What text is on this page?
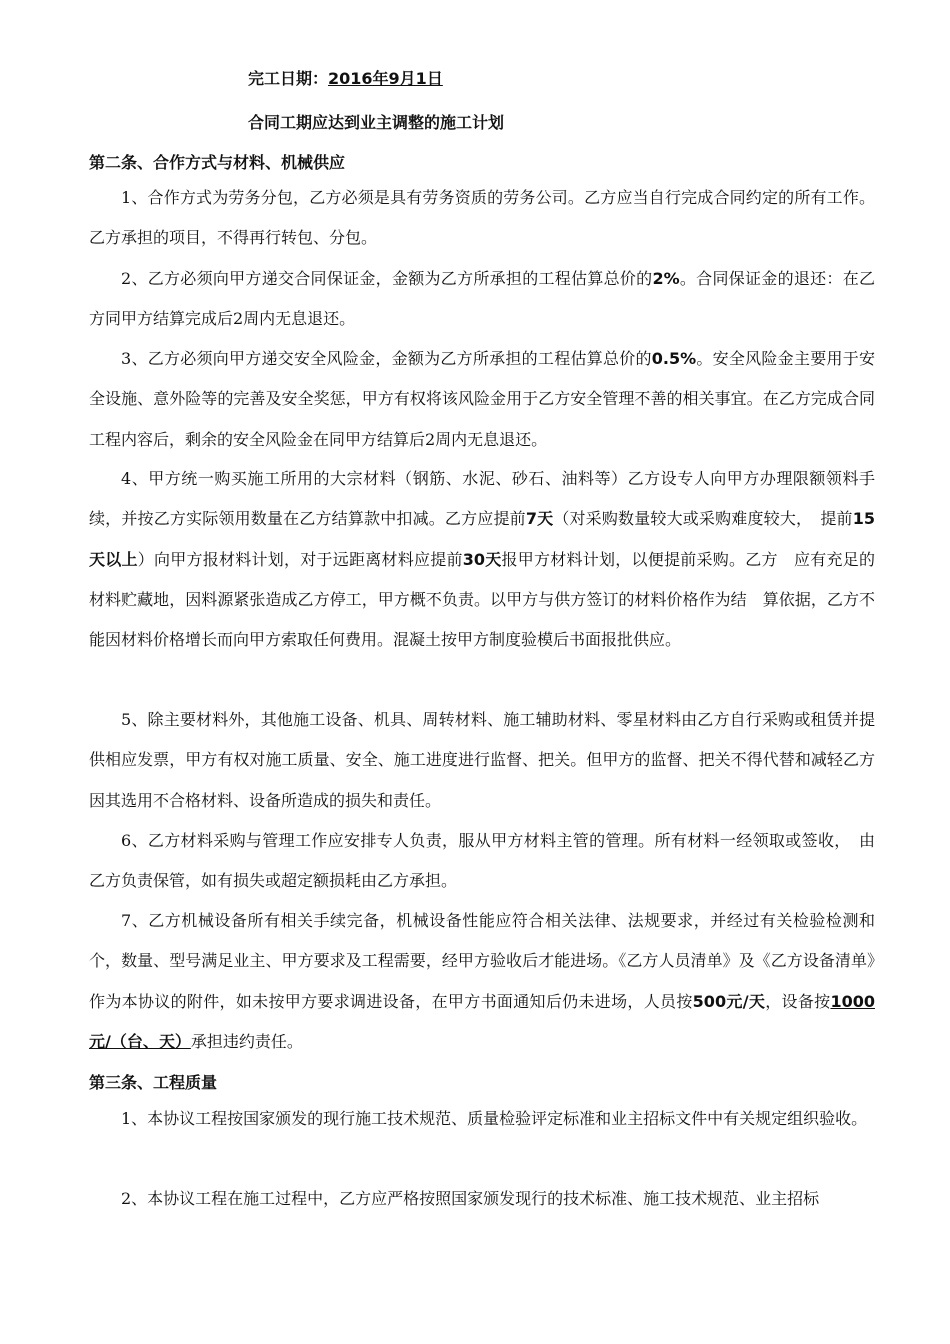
完工日期：2016年9月1日
合同工期应达到业主调整的施工计划
第二条、合作方式与材料、机械供应
1、合作方式为劳务分包，乙方必须是具有劳务资质的劳务公司。乙方应当自行完成合同约定的所有工作。乙方承担的项目，不得再行转包、分包。
2、乙方必须向甲方递交合同保证金，金额为乙方所承担的工程估算总价的2%。合同保证金的退还：在乙方同甲方结算完成后2周内无息退还。
3、乙方必须向甲方递交安全风险金，金额为乙方所承担的工程估算总价的0.5%。安全风险金主要用于安全设施、意外险等的完善及安全奖惩，甲方有权将该风险金用于乙方安全管理不善的相关事宜。在乙方完成合同工程内容后，剩余的安全风险金在同甲方结算后2周内无息退还。
4、甲方统一购买施工所用的大宗材料（钢筋、水泥、砂石、油料等）乙方设专人向甲方办理限额领料手续，并按乙方实际领用数量在乙方结算款中扣减。乙方应提前7天（对采购数量较大或采购难度较大，　提前15天以上）向甲方报材料计划，对于远距离材料应提前30天报甲方材料计划，以便提前采购。乙方　应有充足的材料贮藏地，因料源紧张造成乙方停工，甲方概不负责。以甲方与供方签订的材料价格作为结　算依据，乙方不能因材料价格增长而向甲方索取任何费用。混凝土按甲方制度验模后书面报批供应。
5、除主要材料外，其他施工设备、机具、周转材料、施工辅助材料、零星材料由乙方自行采购或租赁并提供相应发票，甲方有权对施工质量、安全、施工进度进行监督、把关。但甲方的监督、把关不得代替和减轻乙方因其选用不合格材料、设备所造成的损失和责任。
6、乙方材料采购与管理工作应安排专人负责，服从甲方材料主管的管理。所有材料一经领取或签收，　由乙方负责保管，如有损失或超定额损耗由乙方承担。
7、乙方机械设备所有相关手续完备，机械设备性能应符合相关法律、法规要求，并经过有关检验检测和个，数量、型号满足业主、甲方要求及工程需要，经甲方验收后才能进场。《乙方人员清单》及《乙方设备清单》作为本协议的附件，如未按甲方要求调进设备，在甲方书面通知后仍未进场，人员按500元/天，设备按1000元/（台、天）承担违约责任。
第三条、工程质量
1、本协议工程按国家颁发的现行施工技术规范、质量检验评定标准和业主招标文件中有关规定组织验收。
2、本协议工程在施工过程中，乙方应严格按照国家颁发现行的技术标准、施工技术规范、业主招标
